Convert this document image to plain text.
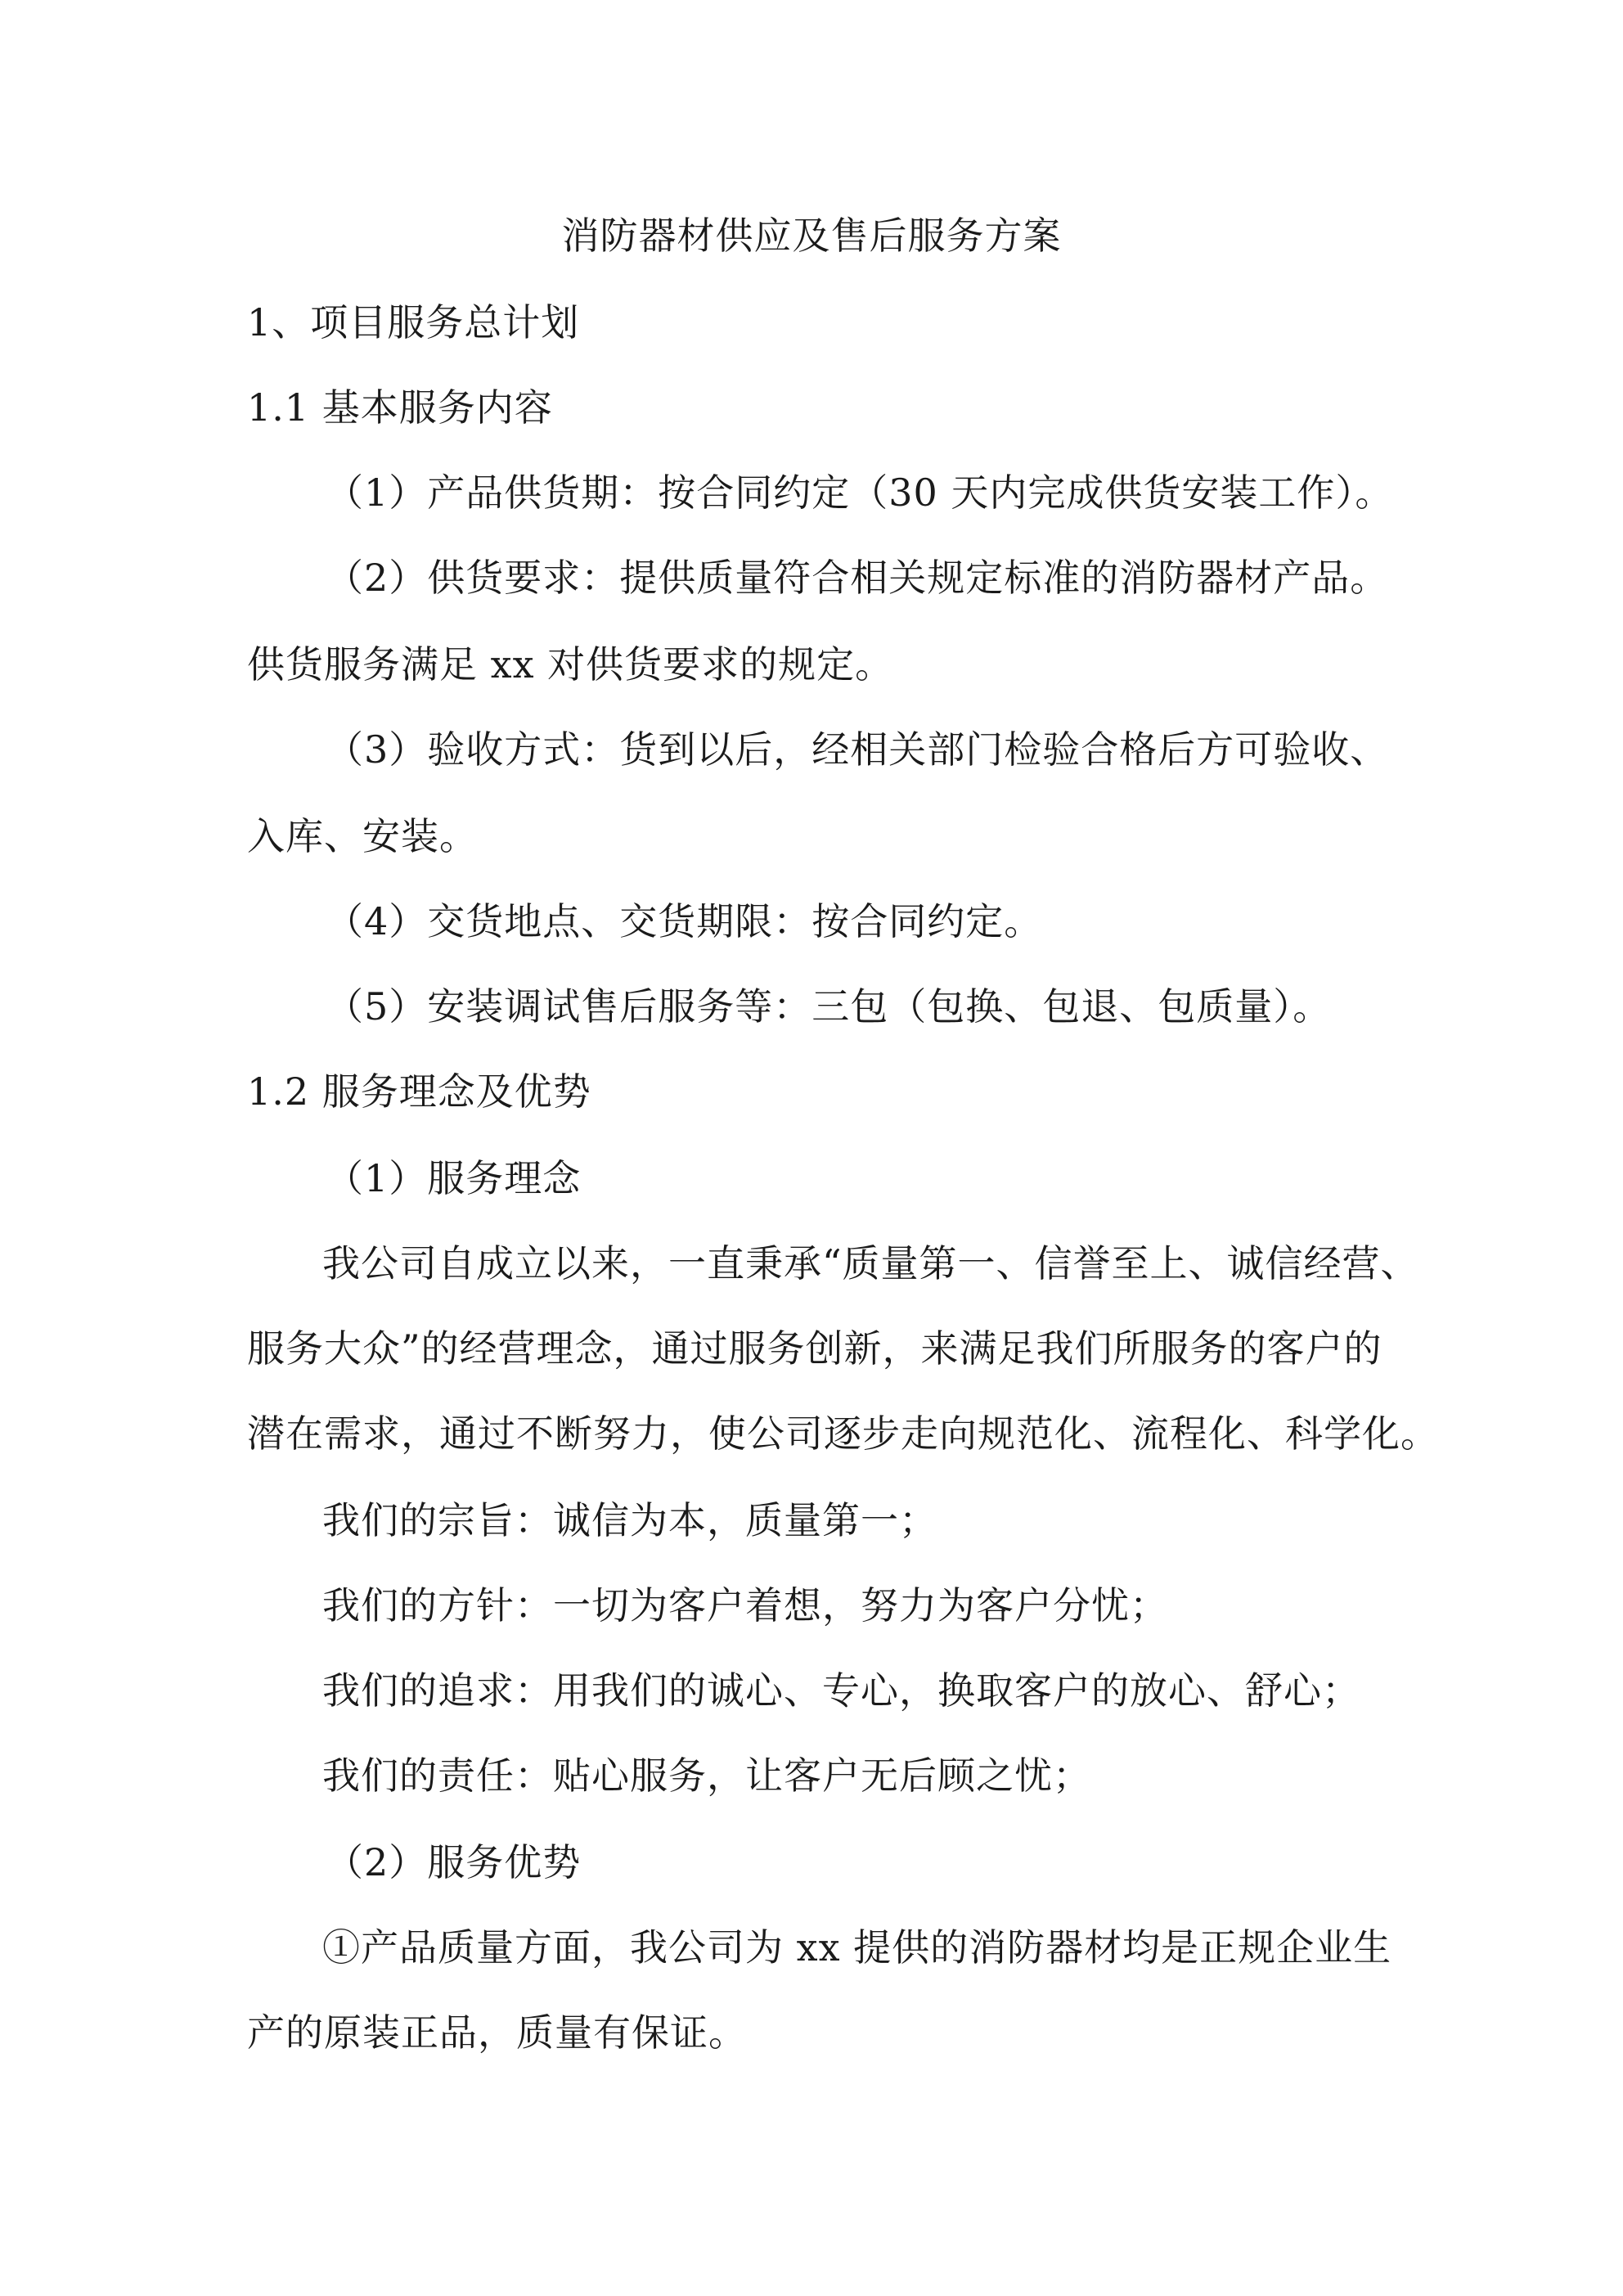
消防器材供应及售后服务方案

1、项目服务总计划

1.1 基本服务内容

（1）产品供货期：按合同约定（30 天内完成供货安装工作）。

（2）供货要求：提供质量符合相关规定标准的消防器材产品。

供货服务满足 xx 对供货要求的规定。

（3）验收方式：货到以后，经相关部门检验合格后方可验收、

入库、安装。

（4）交货地点、交货期限：按合同约定。

（5）安装调试售后服务等：三包（包换、包退、包质量）。

1.2 服务理念及优势

（1）服务理念

我公司自成立以来，一直秉承“质量第一、信誉至上、诚信经营、

服务大众”的经营理念，通过服务创新，来满足我们所服务的客户的

潜在需求，通过不断努力，使公司逐步走向规范化、流程化、科学化。

我们的宗旨：诚信为本，质量第一；

我们的方针：一切为客户着想，努力为客户分忧；

我们的追求：用我们的诚心、专心，换取客户的放心、舒心；

我们的责任：贴心服务，让客户无后顾之忧；

（2）服务优势

①产品质量方面，我公司为 xx 提供的消防器材均是正规企业生

产的原装正品，质量有保证。
